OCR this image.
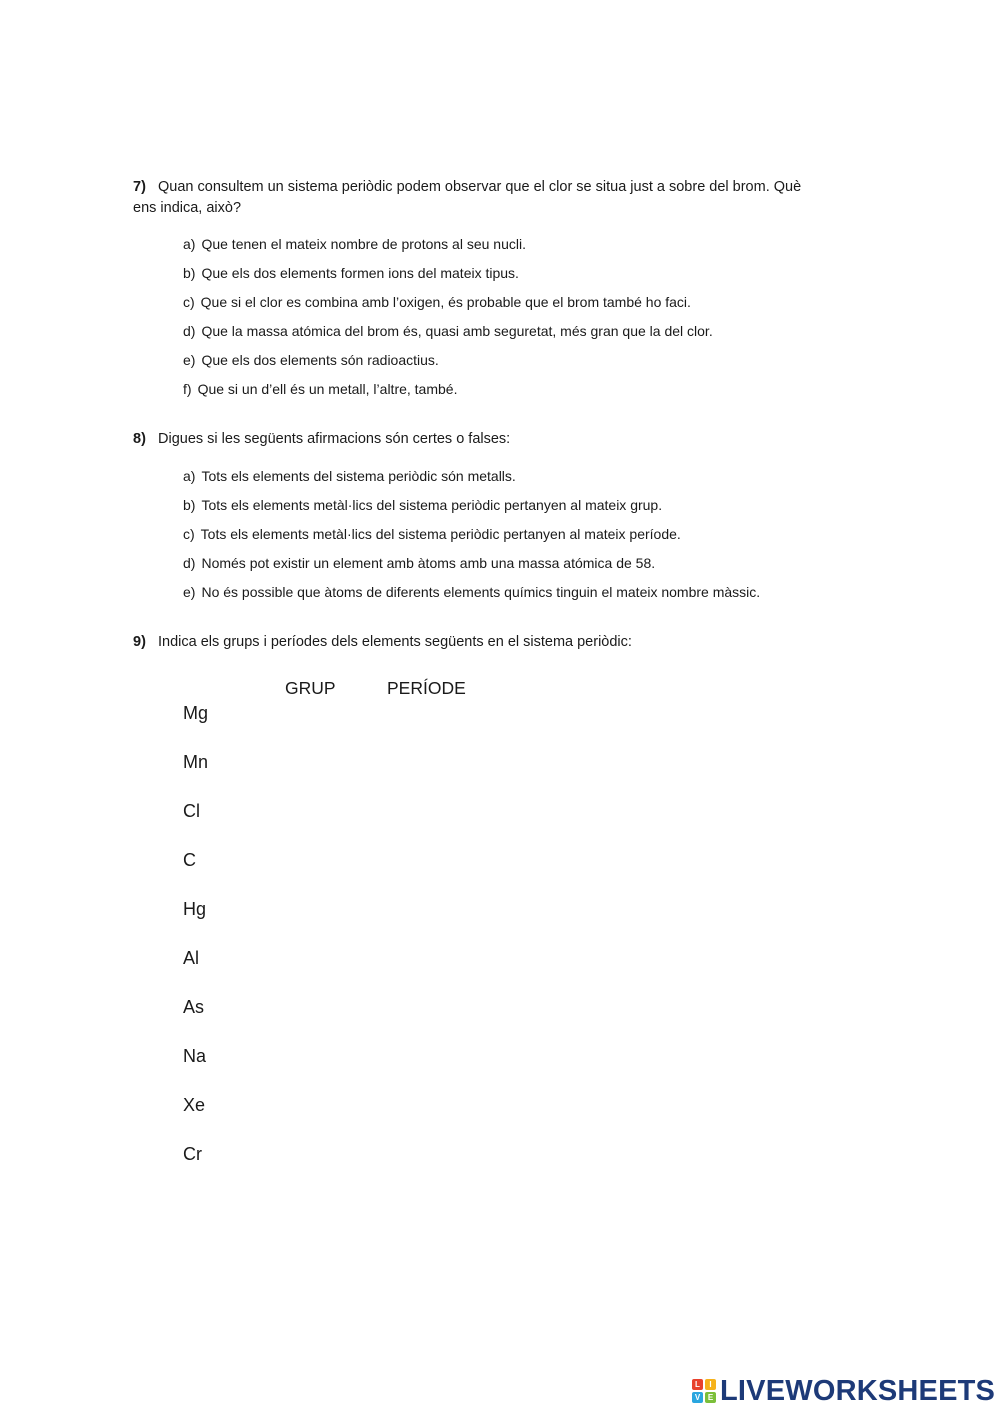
7) Quan consultem un sistema periòdic podem observar que el clor se situa just a sobre del brom. Què ens indica, això?
a) Que tenen el mateix nombre de protons al seu nucli.
b) Que els dos elements formen ions del mateix tipus.
c) Que si el clor es combina amb l’oxigen, és probable que el brom també ho faci.
d) Que la massa atómica del brom és, quasi amb seguretat, més gran que la del clor.
e) Que els dos elements són radioactius.
f) Que si un d’ell és un metall, l’altre, també.
8) Digues si les següents afirmacions són certes o falses:
a) Tots els elements del sistema periòdic són metalls.
b) Tots els elements metàl·lics del sistema periòdic pertanyen al mateix grup.
c) Tots els elements metàl·lics del sistema periòdic pertanyen al mateix període.
d) Només pot existir un element amb àtoms amb una massa atómica de 58.
e) No és possible que àtoms de diferents elements químics tinguin el mateix nombre màssic.
9) Indica els grups i períodes dels elements següents en el sistema periòdic:
GRUP	PERÍODE
Mg
Mn
Cl
C
Hg
Al
As
Na
Xe
Cr
L	I
V E LIVEWORKSHEETS
